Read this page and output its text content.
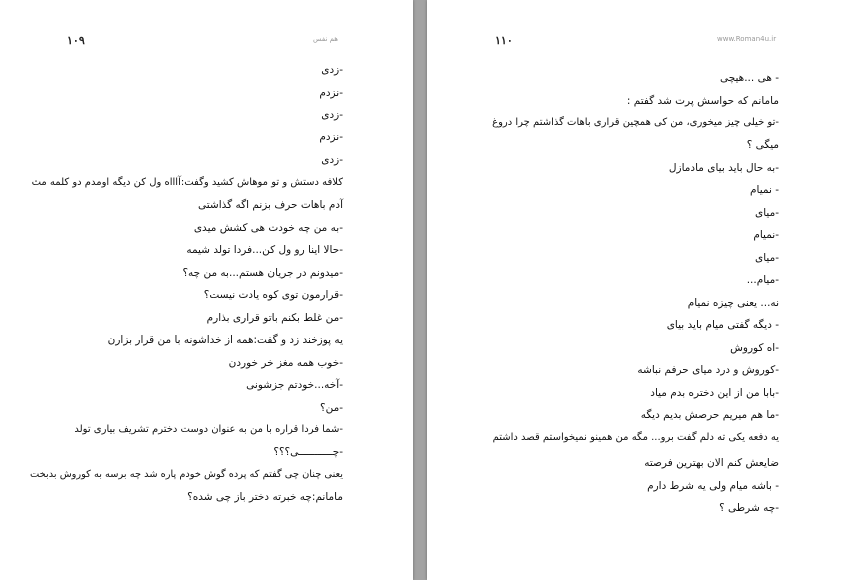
۱۰۹	هم نفس
-زدی
-نزدم
-زدی
-نزدم
-زدی
کلافه دستش و تو موهاش کشید وگفت:آاااه ول کن دیگه اومدم دو کلمه مث
آدم باهات حرف بزنم اگه گذاشتی
-به من چه خودت هی کشش میدی
-حالا اینا رو ول کن...فردا تولد شیمه
-میدونم در جریان هستم...به من چه؟
-قرارمون توی کوه یادت نیست؟
-من غلط بکنم باتو قراری بذارم
یه پوزخند زد و گفت:همه از خداشونه با من قرار بزارن
-خوب همه مغز خر خوردن
-آخه...خودتم جزشونی
-من؟
-شما فردا قراره با من به عنوان دوست دخترم تشریف بیاری تولد
-چـــــــــــی؟؟؟
یعنی چنان چی گفتم که پرده گوش خودم پاره شد چه برسه به کوروش بدبخت
مامانم:چه خبرته دختر باز چی شده؟
۱۱۰	www.Roman4u.ir
- هی ...هیچی
مامانم که حواسش پرت شد گفتم :
-تو خیلی چیز میخوری، من کی همچین قراری باهات گذاشتم چرا دروغ
میگی ؟
-به حال باید بیای مادمازل
- نمیام
-میای
-نمیام
-میای
-میام...
نه... یعنی چیزه نمیام
- دیگه گفتی میام باید بیای
-اه کوروش
-کوروش و درد میای حرفم نباشه
-بابا من از این دختره بدم میاد
-ما هم میریم حرصش بدیم دیگه
یه دفعه یکی ته دلم گفت برو... مگه من همینو نمیخواستم قصد داشتم
ضایعش کنم الان بهترین فرصته
- باشه میام ولی یه شرط دارم
-چه شرطی ؟
